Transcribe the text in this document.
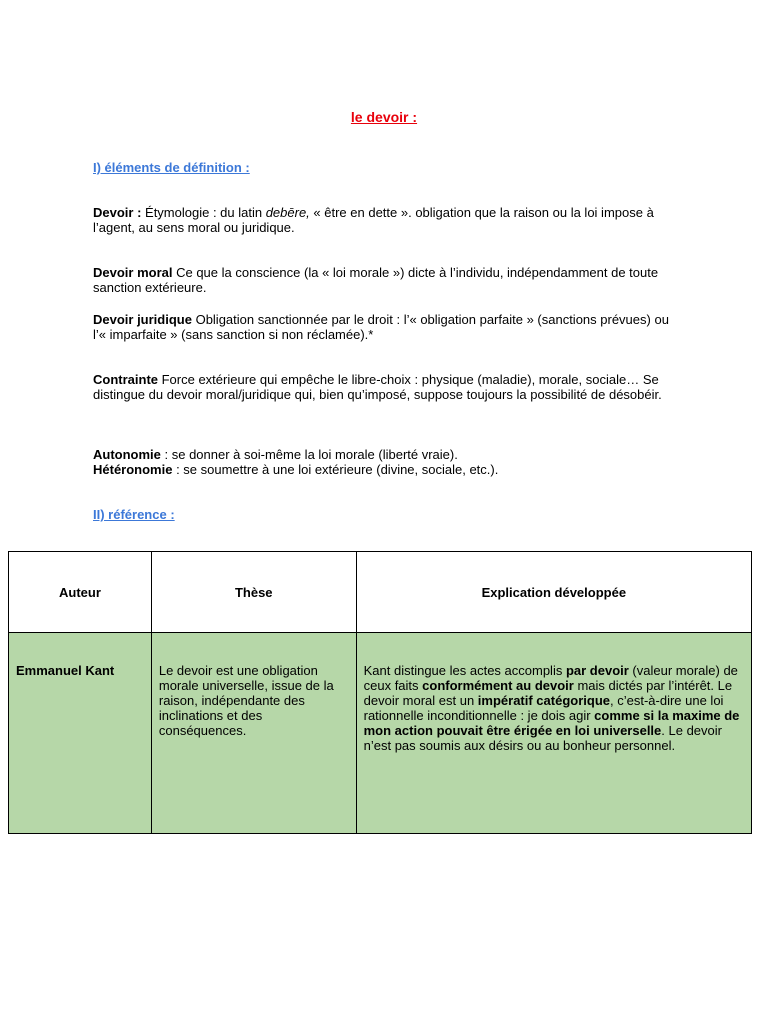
le devoir :
I) éléments de définition :
Devoir : Étymologie : du latin debēre, « être en dette ». obligation que la raison ou la loi impose à l’agent, au sens moral ou juridique.
Devoir moral Ce que la conscience (la « loi morale ») dicte à l’individu, indépendamment de toute sanction extérieure.
Devoir juridique Obligation sanctionnée par le droit : l’« obligation parfaite » (sanctions prévues) ou l’« imparfaite » (sans sanction si non réclamée).*
Contrainte Force extérieure qui empêche le libre-choix : physique (maladie), morale, sociale… Se distingue du devoir moral/juridique qui, bien qu’imposé, suppose toujours la possibilité de désobéir.
Autonomie : se donner à soi-même la loi morale (liberté vraie).
Hétéronomie : se soumettre à une loi extérieure (divine, sociale, etc.).
II) référence :
Auteur	Thèse	Explication développée
Emmanuel Kant	Le devoir est une obligation morale universelle, issue de la raison, indépendante des inclinations et des conséquences.	Kant distingue les actes accomplis par devoir (valeur morale) de ceux faits conformément au devoir mais dictés par l’intérêt. Le devoir moral est un impératif catégorique, c’est-à-dire une loi rationnelle inconditionnelle : je dois agir comme si la maxime de mon action pouvait être érigée en loi universelle. Le devoir n’est pas soumis aux désirs ou au bonheur personnel.
